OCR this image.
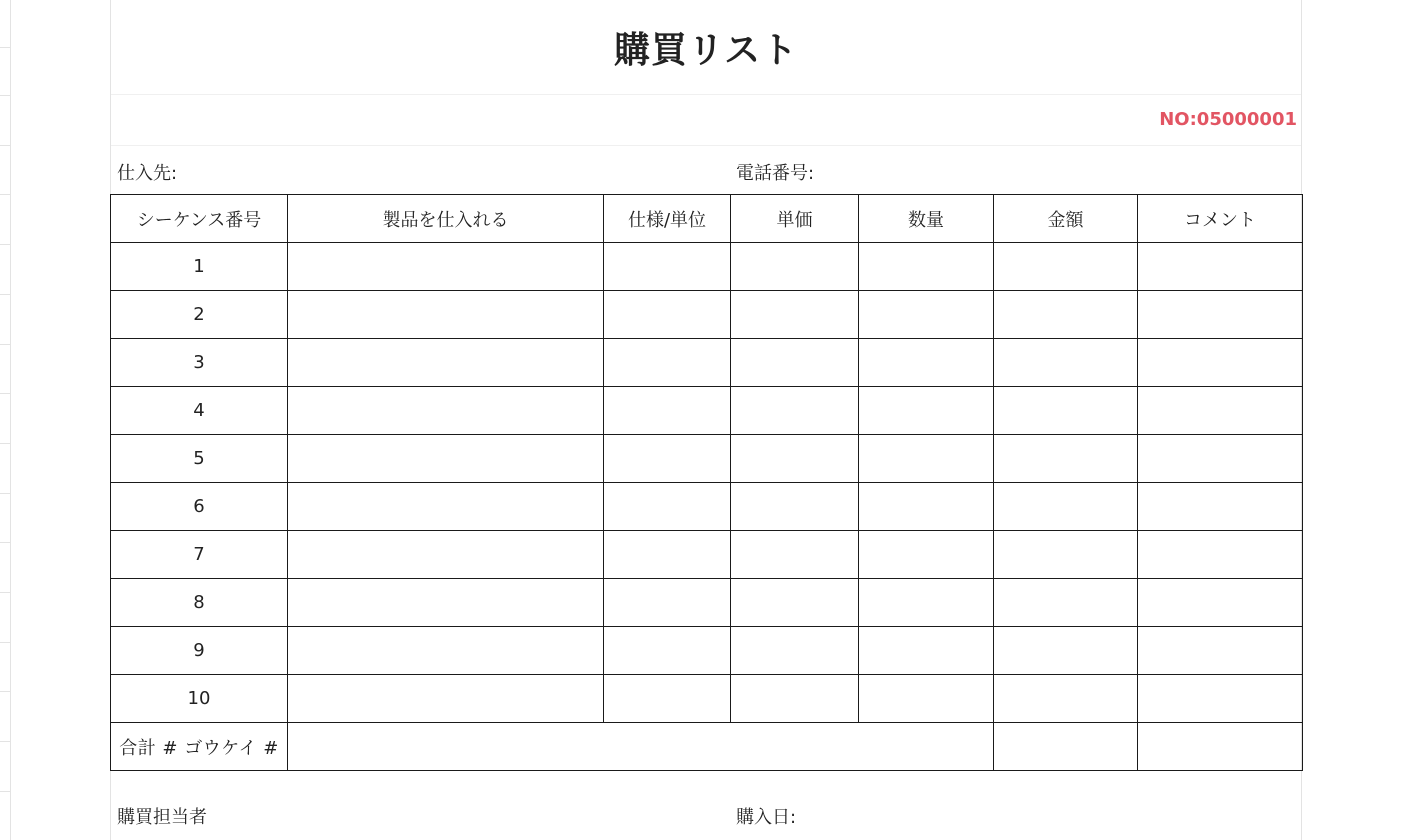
購買リスト
NO:05000001
仕入先:	電話番号:
シーケンス番号	製品を仕入れる	仕様/単位	単価	数量	金額	コメント
1						
2						
3						
4						
5						
6						
7						
8						
9						
10						
合計 # ゴウケイ #						
購買担当者	購入日:
